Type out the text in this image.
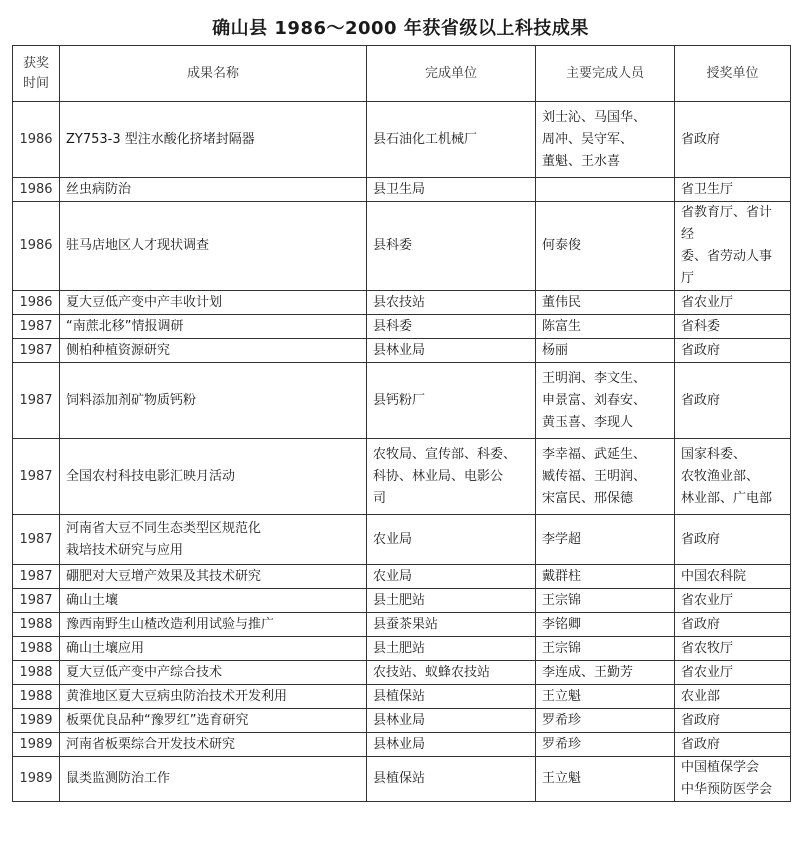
确山县 1986～2000 年获省级以上科技成果
获奖
时间	成果名称	完成单位	主要完成人员	授奖单位
1986	ZY753-3 型注水酸化挤堵封隔器	县石油化工机械厂	刘士沁、马国华、
周冲、吴守军、
董魁、王水喜	省政府
1986	丝虫病防治	县卫生局		省卫生厅
1986	驻马店地区人才现状调查	县科委	何泰俊	省教育厅、省计经
委、省劳动人事厅
1986	夏大豆低产变中产丰收计划	县农技站	董伟民	省农业厅
1987	“南蔗北移”情报调研	县科委	陈富生	省科委
1987	侧柏种植资源研究	县林业局	杨丽	省政府
1987	饲料添加剂矿物质钙粉	县钙粉厂	王明润、李文生、
申景富、刘春安、
黄玉喜、李现人	省政府
1987	全国农村科技电影汇映月活动	农牧局、宣传部、科委、
科协、林业局、电影公
司	李幸福、武延生、
臧传福、王明润、
宋富民、邢保德	国家科委、
农牧渔业部、
林业部、广电部
1987	河南省大豆不同生态类型区规范化
栽培技术研究与应用	农业局	李学超	省政府
1987	硼肥对大豆增产效果及其技术研究	农业局	戴群柱	中国农科院
1987	确山土壤	县土肥站	王宗锦	省农业厅
1988	豫西南野生山楂改造利用试验与推广	县蚕茶果站	李铭卿	省政府
1988	确山土壤应用	县土肥站	王宗锦	省农牧厅
1988	夏大豆低产变中产综合技术	农技站、蚁蜂农技站	李连成、王勤芳	省农业厅
1988	黄淮地区夏大豆病虫防治技术开发利用	县植保站	王立魁	农业部
1989	板栗优良品种“豫罗红”选育研究	县林业局	罗希珍	省政府
1989	河南省板栗综合开发技术研究	县林业局	罗希珍	省政府
1989	鼠类监测防治工作	县植保站	王立魁	中国植保学会
中华预防医学会
